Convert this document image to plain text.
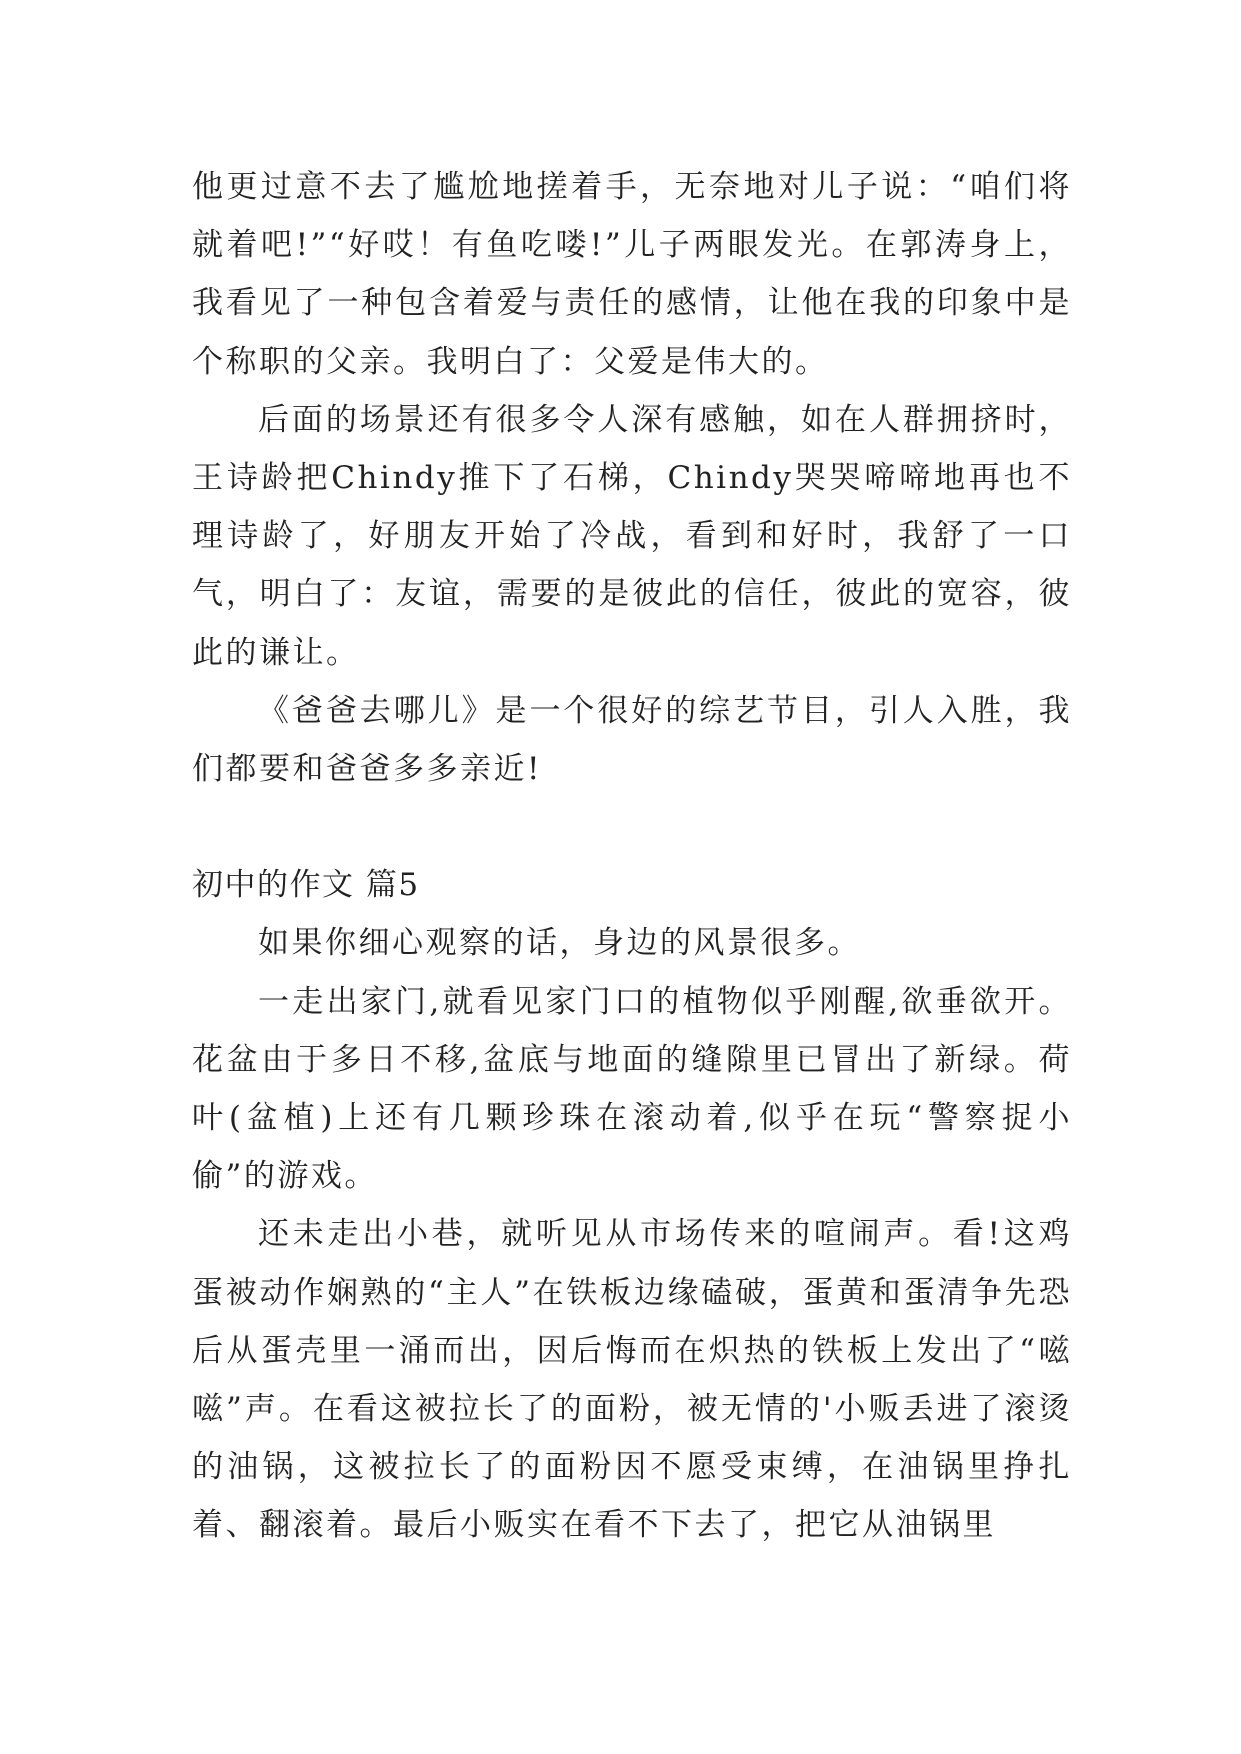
他更过意不去了尴尬地搓着手，无奈地对儿子说：“咱们将就着吧!”“好哎！有鱼吃喽!”儿子两眼发光。在郭涛身上，我看见了一种包含着爱与责任的感情，让他在我的印象中是个称职的父亲。我明白了：父爱是伟大的。

后面的场景还有很多令人深有感触，如在人群拥挤时，王诗龄把Chindy推下了石梯，Chindy哭哭啼啼地再也不理诗龄了，好朋友开始了冷战，看到和好时，我舒了一口气，明白了：友谊，需要的是彼此的信任，彼此的宽容，彼此的谦让。

《爸爸去哪儿》是一个很好的综艺节目，引人入胜，我们都要和爸爸多多亲近!

初中的作文 篇5

如果你细心观察的话，身边的风景很多。

一走出家门,就看见家门口的植物似乎刚醒,欲垂欲开。花盆由于多日不移,盆底与地面的缝隙里已冒出了新绿。荷叶(盆植)上还有几颗珍珠在滚动着,似乎在玩“警察捉小偷”的游戏。

还未走出小巷，就听见从市场传来的喧闹声。看!这鸡蛋被动作娴熟的“主人”在铁板边缘磕破，蛋黄和蛋清争先恐后从蛋壳里一涌而出，因后悔而在炽热的铁板上发出了“嗞嗞”声。在看这被拉长了的面粉，被无情的'小贩丢进了滚烫的油锅，这被拉长了的面粉因不愿受束缚，在油锅里挣扎着、翻滚着。最后小贩实在看不下去了，把它从油锅里
